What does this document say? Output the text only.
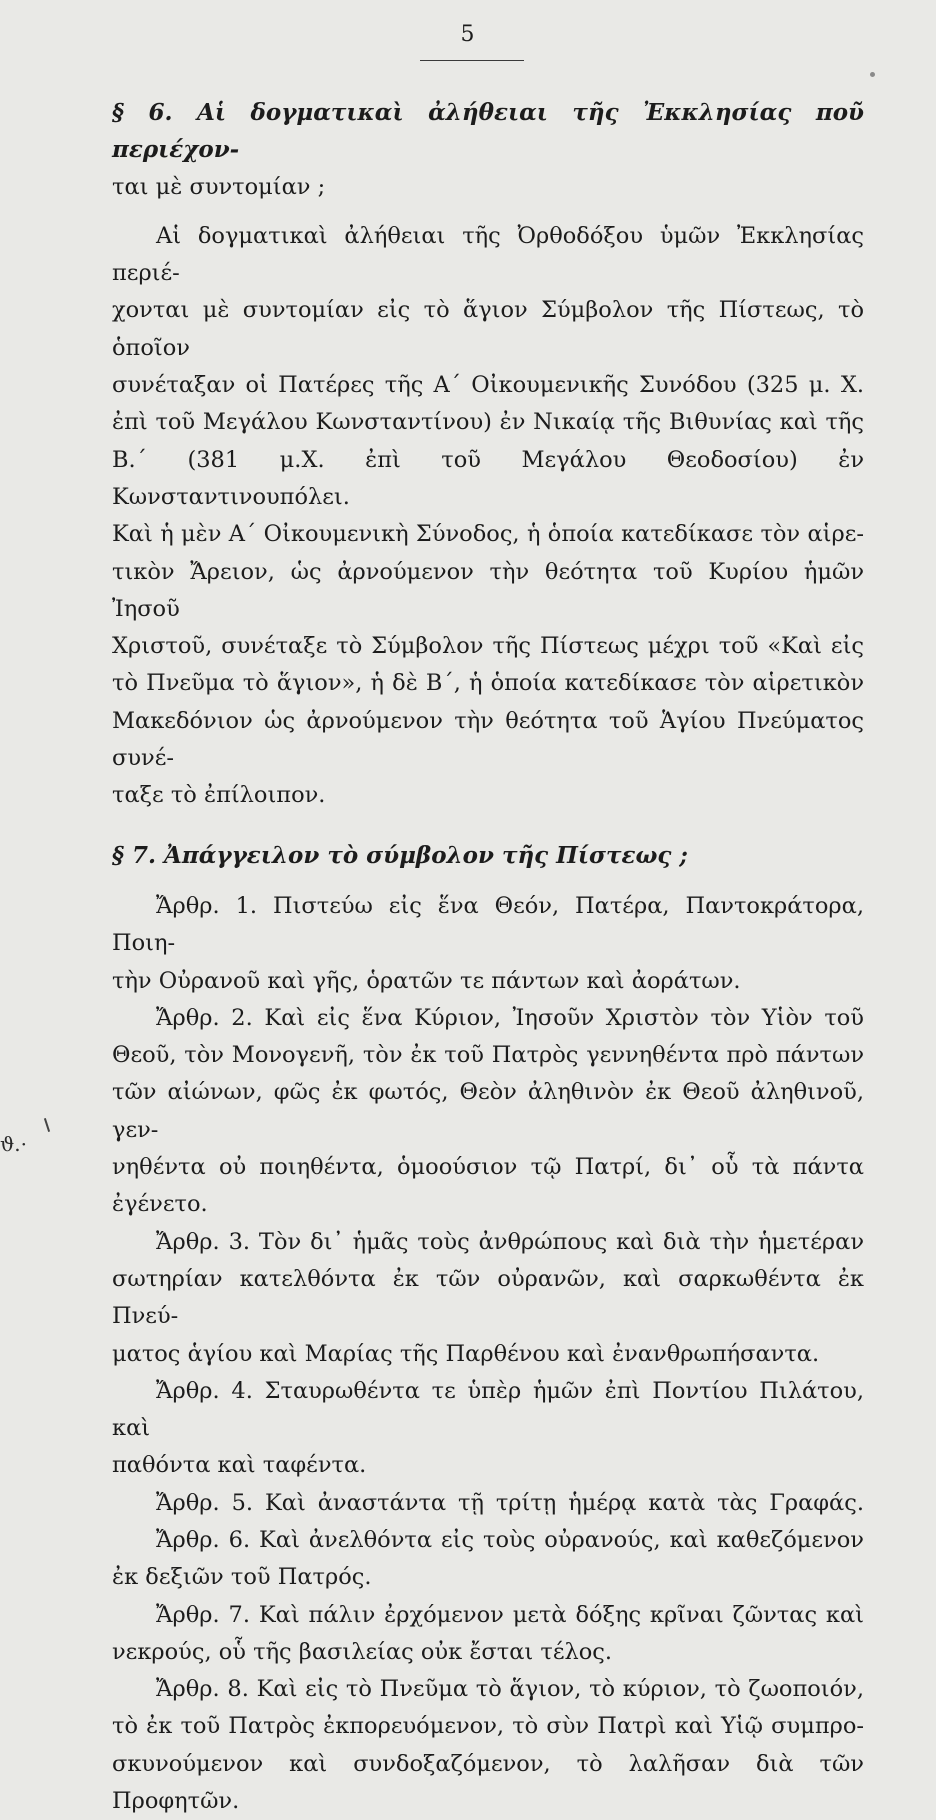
5

§ 6. Αἱ δογματικαὶ ἀλήθειαι τῆς Ἐκκλησίας ποῦ περιέχον-

ται μὲ συντομίαν ;

Αἱ δογματικαὶ ἀλήθειαι τῆς Ὀρθοδόξου ὑμῶν Ἐκκλησίας περιέ-

χονται μὲ συντομίαν εἰς τὸ ἅγιον Σύμβολον τῆς Πίστεως, τὸ ὁποῖον

συνέταξαν οἱ Πατέρες τῆς Α΄ Οἰκουμενικῆς Συνόδου (325 μ. Χ.

ἐπὶ τοῦ Μεγάλου Κωνσταντίνου) ἐν Νικαίᾳ τῆς Βιθυνίας καὶ τῆς

Β.΄ (381 μ.Χ. ἐπὶ τοῦ Μεγάλου Θεοδοσίου) ἐν Κωνσταντινουπόλει.

Καὶ ἡ μὲν Α΄ Οἰκουμενικὴ Σύνοδος, ἡ ὁποία κατεδίκασε τὸν αἱρε-

τικὸν Ἄρειον, ὡς ἀρνούμενον τὴν θεότητα τοῦ Κυρίου ἡμῶν Ἰησοῦ

Χριστοῦ, συνέταξε τὸ Σύμβολον τῆς Πίστεως μέχρι τοῦ «Καὶ εἰς

τὸ Πνεῦμα τὸ ἅγιον», ἡ δὲ Β΄, ἡ ὁποία κατεδίκασε τὸν αἱρετικὸν

Μακεδόνιον ὡς ἀρνούμενον τὴν θεότητα τοῦ Ἁγίου Πνεύματος συνέ-

ταξε τὸ ἐπίλοιπον.

§ 7. Ἀπάγγειλον τὸ σύμβολον τῆς Πίστεως ;

Ἄρθρ. 1. Πιστεύω εἰς ἕνα Θεόν, Πατέρα, Παντοκράτορα, Ποιη-

τὴν Οὐρανοῦ καὶ γῆς, ὁρατῶν τε πάντων καὶ ἀοράτων.

Ἄρθρ. 2. Καὶ εἰς ἕνα Κύριον, Ἰησοῦν Χριστὸν τὸν Υἱὸν τοῦ

Θεοῦ, τὸν Μονογενῆ, τὸν ἐκ τοῦ Πατρὸς γεννηθέντα πρὸ πάντων

τῶν αἰώνων, φῶς ἐκ φωτός, Θεὸν ἀληθινὸν ἐκ Θεοῦ ἀληθινοῦ, γεν-

νηθέντα οὐ ποιηθέντα, ὁμοούσιον τῷ Πατρί, δι᾽ οὗ τὰ πάντα ἐγένετο.

Ἄρθρ. 3. Τὸν δι᾽ ἡμᾶς τοὺς ἀνθρώπους καὶ διὰ τὴν ἡμετέραν

σωτηρίαν κατελθόντα ἐκ τῶν οὐρανῶν, καὶ σαρκωθέντα ἐκ Πνεύ-

ματος ἁγίου καὶ Μαρίας τῆς Παρθένου καὶ ἐνανθρωπήσαντα.

Ἄρθρ. 4. Σταυρωθέντα τε ὑπὲρ ἡμῶν ἐπὶ Ποντίου Πιλάτου, καὶ

παθόντα καὶ ταφέντα.

Ἄρθρ. 5. Καὶ ἀναστάντα τῇ τρίτῃ ἡμέρᾳ κατὰ τὰς Γραφάς.

Ἄρθρ. 6. Καὶ ἀνελθόντα εἰς τοὺς οὐρανούς, καὶ καθεζόμενον

ἐκ δεξιῶν τοῦ Πατρός.

Ἄρθρ. 7. Καὶ πάλιν ἐρχόμενον μετὰ δόξης κρῖναι ζῶντας καὶ

νεκρούς, οὗ τῆς βασιλείας οὐκ ἔσται τέλος.

Ἄρθρ. 8. Καὶ εἰς τὸ Πνεῦμα τὸ ἅγιον, τὸ κύριον, τὸ ζωοποιόν,

τὸ ἐκ τοῦ Πατρὸς ἐκπορευόμενον, τὸ σὺν Πατρὶ καὶ Υἱῷ συμπρο-

σκυνούμενον καὶ συνδοξαζόμενον, τὸ λαλῆσαν διὰ τῶν Προφητῶν.

ϑ.·
